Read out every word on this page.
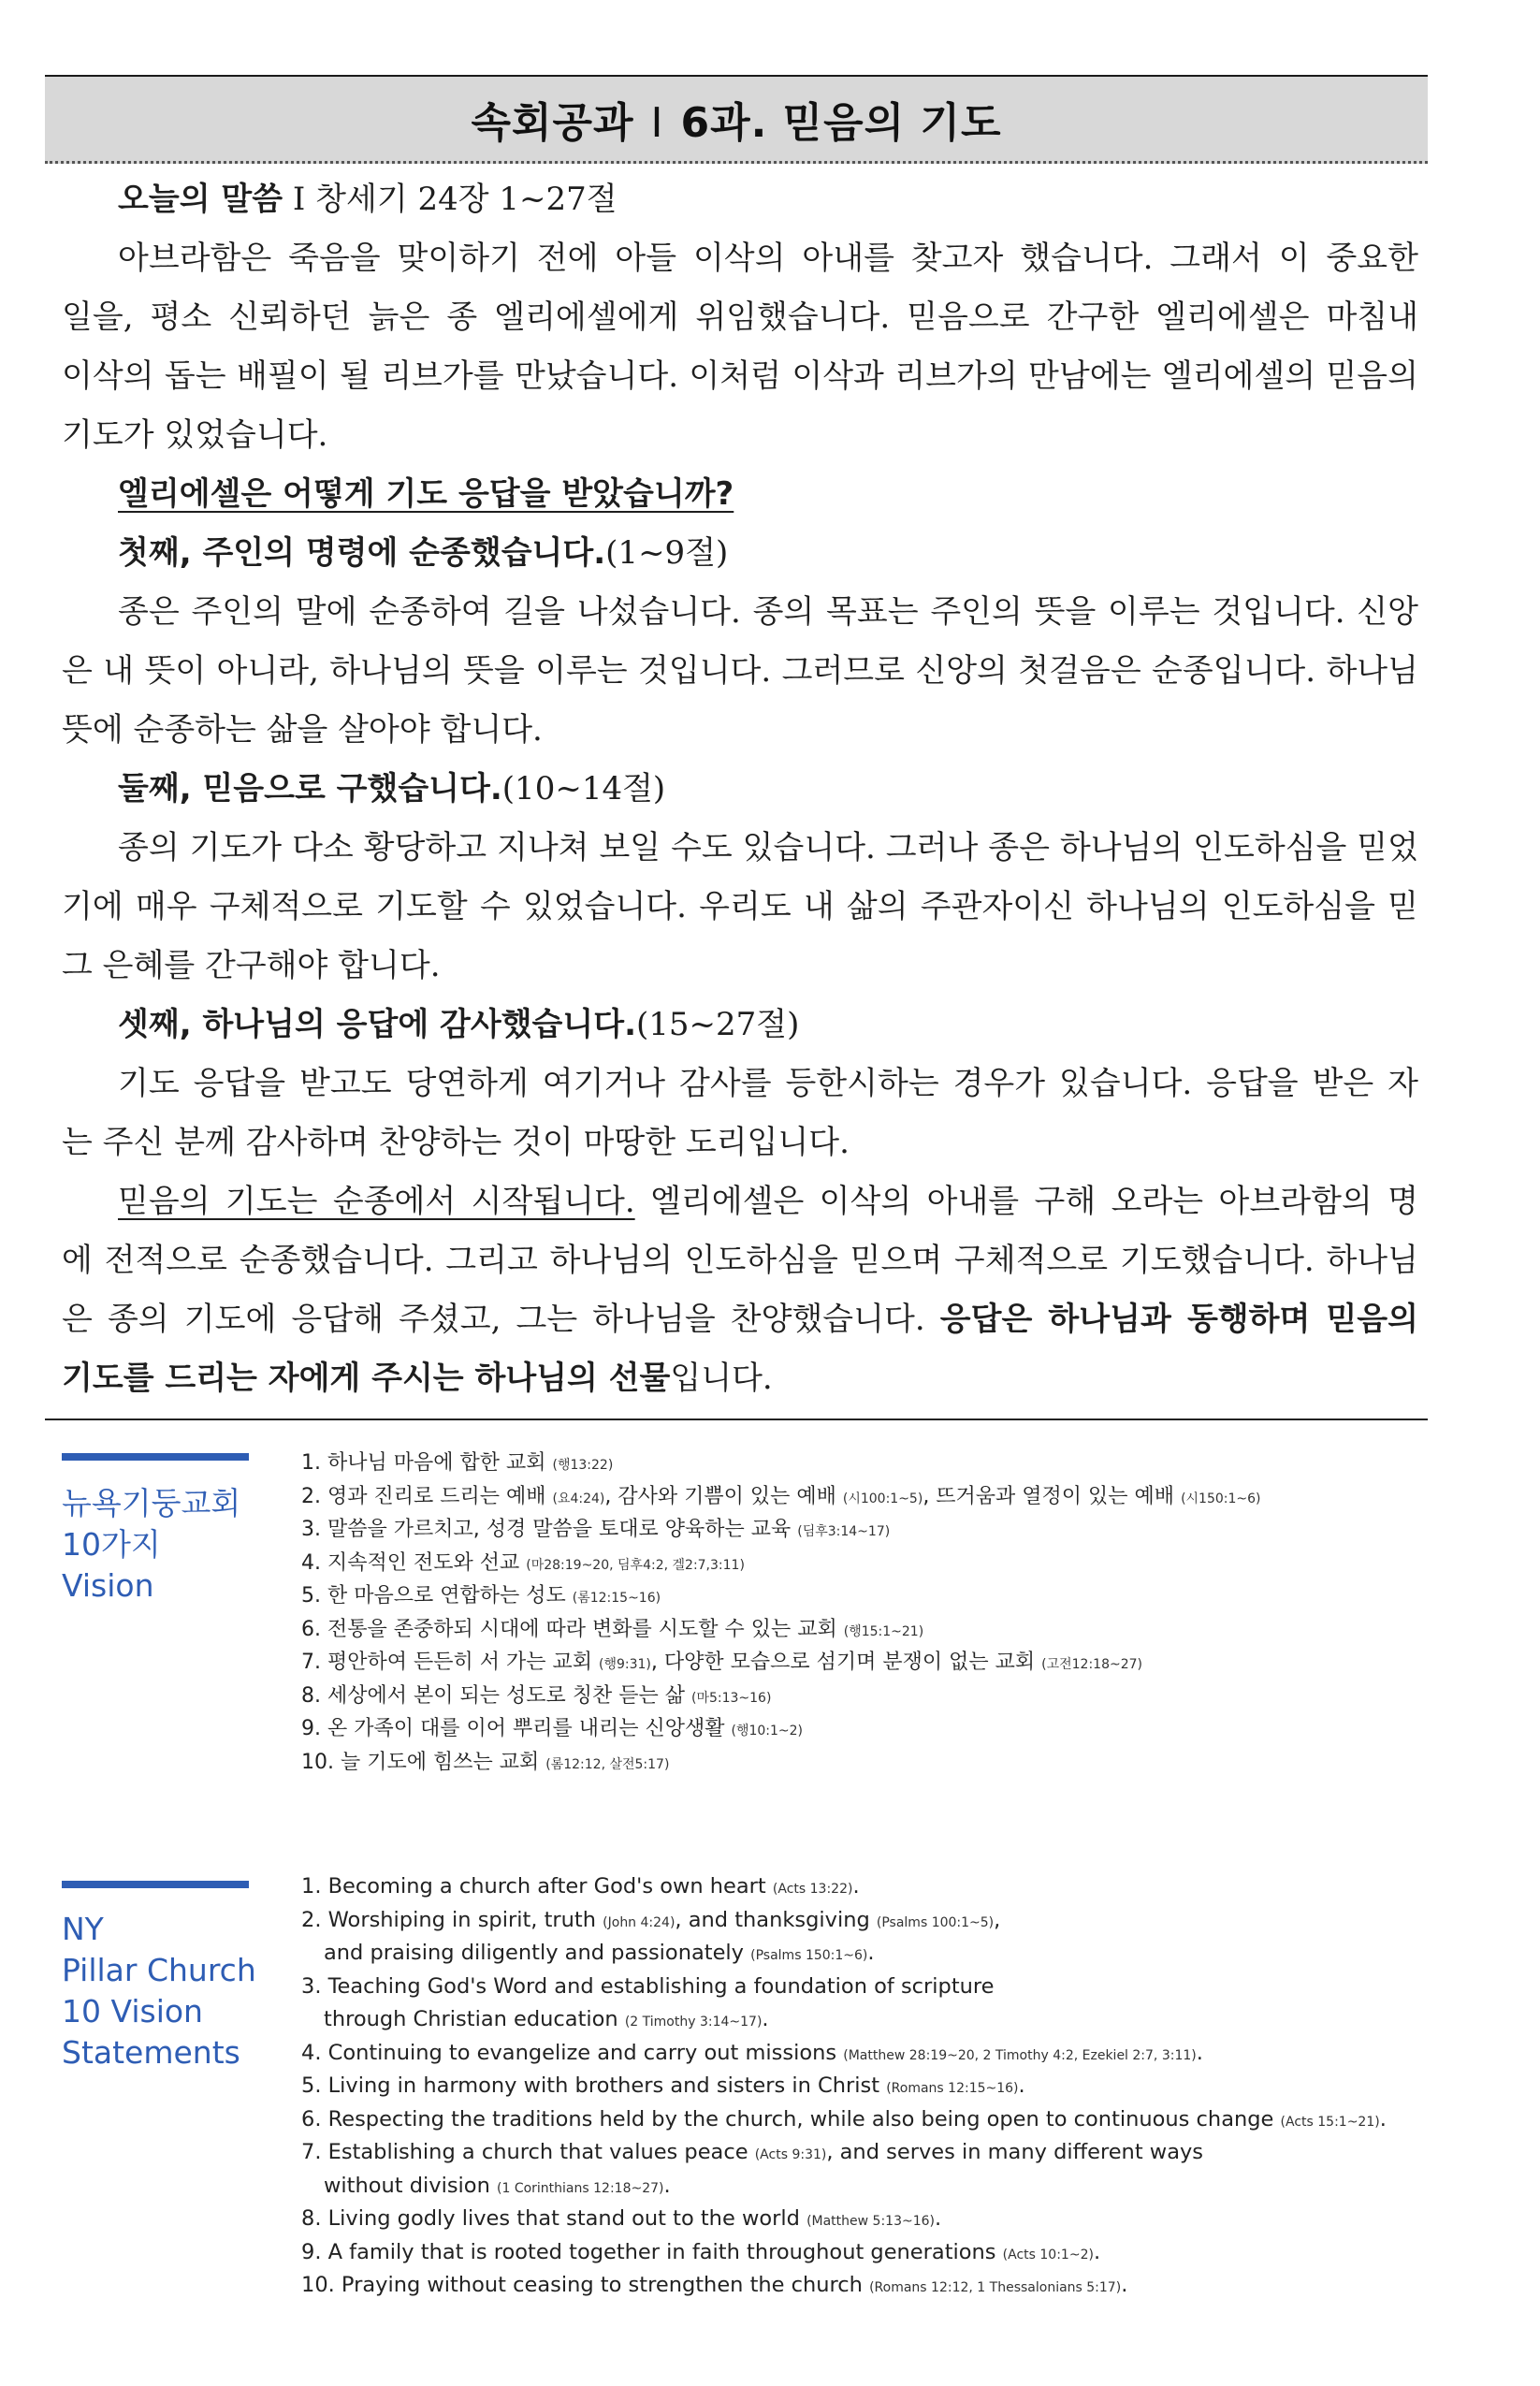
속회공과 I 6과. 믿음의 기도
오늘의 말씀 I 창세기 24장 1~27절
아브라함은 죽음을 맞이하기 전에 아들 이삭의 아내를 찾고자 했습니다. 그래서 이 중요한
일을, 평소 신뢰하던 늙은 종 엘리에셀에게 위임했습니다. 믿음으로 간구한 엘리에셀은 마침내
이삭의 돕는 배필이 될 리브가를 만났습니다. 이처럼 이삭과 리브가의 만남에는 엘리에셀의 믿음의
기도가 있었습니다.
엘리에셀은 어떻게 기도 응답을 받았습니까?
첫째, 주인의 명령에 순종했습니다.(1~9절)
종은 주인의 말에 순종하여 길을 나섰습니다. 종의 목표는 주인의 뜻을 이루는 것입니다. 신앙
은 내 뜻이 아니라, 하나님의 뜻을 이루는 것입니다. 그러므로 신앙의 첫걸음은 순종입니다. 하나님
뜻에 순종하는 삶을 살아야 합니다.
둘째, 믿음으로 구했습니다.(10~14절)
종의 기도가 다소 황당하고 지나쳐 보일 수도 있습니다. 그러나 종은 하나님의 인도하심을 믿었
기에 매우 구체적으로 기도할 수 있었습니다. 우리도 내 삶의 주관자이신 하나님의 인도하심을 믿
그 은혜를 간구해야 합니다.
셋째, 하나님의 응답에 감사했습니다.(15~27절)
기도 응답을 받고도 당연하게 여기거나 감사를 등한시하는 경우가 있습니다. 응답을 받은 자
는 주신 분께 감사하며 찬양하는 것이 마땅한 도리입니다.
믿음의 기도는 순종에서 시작됩니다. 엘리에셀은 이삭의 아내를 구해 오라는 아브라함의 명
에 전적으로 순종했습니다. 그리고 하나님의 인도하심을 믿으며 구체적으로 기도했습니다. 하나님
은 종의 기도에 응답해 주셨고, 그는 하나님을 찬양했습니다. 응답은 하나님과 동행하며 믿음의
기도를 드리는 자에게 주시는 하나님의 선물입니다.
뉴욕기둥교회
10가지
Vision
1. 하나님 마음에 합한 교회 (행13:22)
2. 영과 진리로 드리는 예배 (요4:24), 감사와 기쁨이 있는 예배 (시100:1~5), 뜨거움과 열정이 있는 예배 (시150:1~6)
3. 말씀을 가르치고, 성경 말씀을 토대로 양육하는 교육 (딤후3:14~17)
4. 지속적인 전도와 선교 (마28:19~20, 딤후4:2, 겔2:7,3:11)
5. 한 마음으로 연합하는 성도 (롬12:15~16)
6. 전통을 존중하되 시대에 따라 변화를 시도할 수 있는 교회 (행15:1~21)
7. 평안하여 든든히 서 가는 교회 (행9:31), 다양한 모습으로 섬기며 분쟁이 없는 교회 (고전12:18~27)
8. 세상에서 본이 되는 성도로 칭찬 듣는 삶 (마5:13~16)
9. 온 가족이 대를 이어 뿌리를 내리는 신앙생활 (행10:1~2)
10. 늘 기도에 힘쓰는 교회 (롬12:12, 살전5:17)
NY
Pillar Church
10 Vision
Statements
1. Becoming a church after God's own heart (Acts 13:22).
2. Worshiping in spirit, truth (John 4:24), and thanksgiving (Psalms 100:1~5),
and praising diligently and passionately (Psalms 150:1~6).
3. Teaching God's Word and establishing a foundation of scripture
through Christian education (2 Timothy 3:14~17).
4. Continuing to evangelize and carry out missions (Matthew 28:19~20, 2 Timothy 4:2, Ezekiel 2:7, 3:11).
5. Living in harmony with brothers and sisters in Christ (Romans 12:15~16).
6. Respecting the traditions held by the church, while also being open to continuous change (Acts 15:1~21).
7. Establishing a church that values peace (Acts 9:31), and serves in many different ways
without division (1 Corinthians 12:18~27).
8. Living godly lives that stand out to the world (Matthew 5:13~16).
9. A family that is rooted together in faith throughout generations (Acts 10:1~2).
10. Praying without ceasing to strengthen the church (Romans 12:12, 1 Thessalonians 5:17).
